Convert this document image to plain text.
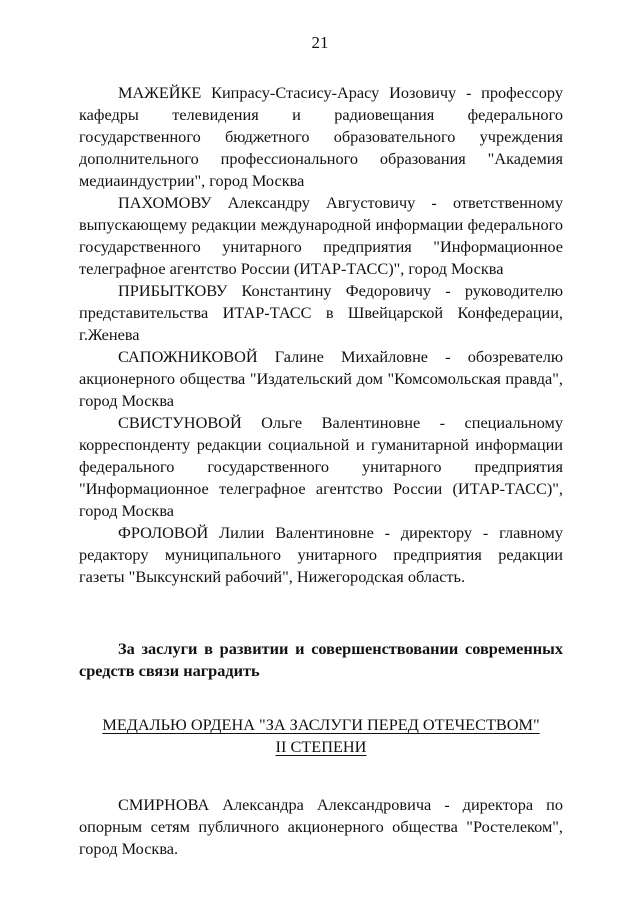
21

МАЖЕЙКЕ Кипрасу-Стасису-Арасу Иозовичу - профессору кафедры телевидения и радиовещания федерального государственного бюджетного образовательного учреждения дополнительного профессионального образования "Академия медиаиндустрии", город Москва

ПАХОМОВУ Александру Августовичу - ответственному выпускающему редакции международной информации федерального государственного унитарного предприятия "Информационное телеграфное агентство России (ИТАР-ТАСС)", город Москва

ПРИБЫТКОВУ Константину Федоровичу - руководителю представительства ИТАР-ТАСС в Швейцарской Конфедерации, г.Женева

САПОЖНИКОВОЙ Галине Михайловне - обозревателю акционерного общества "Издательский дом "Комсомольская правда", город Москва

СВИСТУНОВОЙ Ольге Валентиновне - специальному корреспонденту редакции социальной и гуманитарной информации федерального государственного унитарного предприятия "Информационное телеграфное агентство России (ИТАР-ТАСС)", город Москва

ФРОЛОВОЙ Лилии Валентиновне - директору - главному редактору муниципального унитарного предприятия редакции газеты "Выксунский рабочий", Нижегородская область.

За заслуги в развитии и совершенствовании современных средств связи наградить

МЕДАЛЬЮ ОРДЕНА "ЗА ЗАСЛУГИ ПЕРЕД ОТЕЧЕСТВОМ"

II СТЕПЕНИ

СМИРНОВА Александра Александровича - директора по опорным сетям публичного акционерного общества "Ростелеком", город Москва.
